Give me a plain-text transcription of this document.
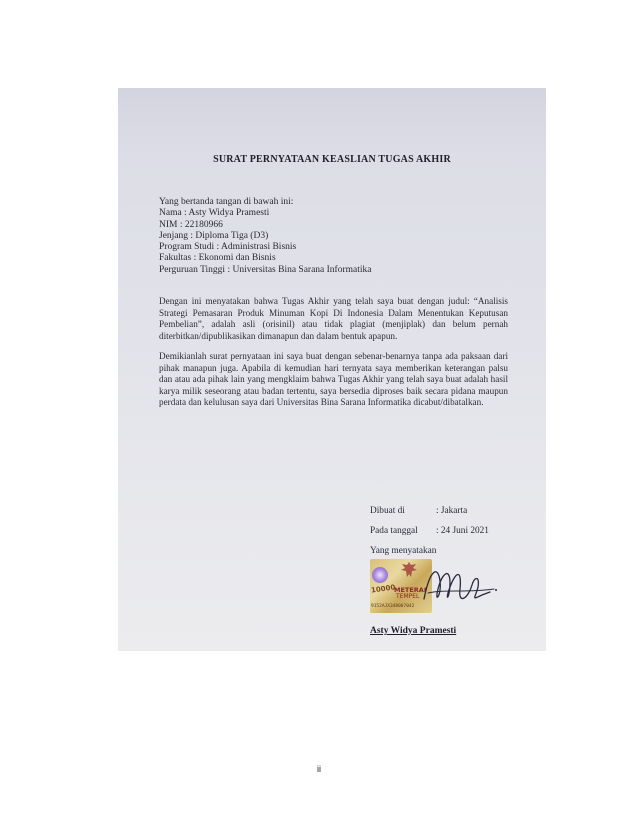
SURAT PERNYATAAN KEASLIAN TUGAS AKHIR
Yang bertanda tangan di bawah ini:
Nama : Asty Widya Pramesti
NIM : 22180966
Jenjang : Diploma Tiga (D3)
Program Studi : Administrasi Bisnis
Fakultas : Ekonomi dan Bisnis
Perguruan Tinggi : Universitas Bina Sarana Informatika
Dengan ini menyatakan bahwa Tugas Akhir yang telah saya buat dengan judul: “Analisis Strategi Pemasaran Produk Minuman Kopi Di Indonesia Dalam Menentukan Keputusan Pembelian”, adalah asli (orisinil) atau tidak plagiat (menjiplak) dan belum pernah diterbitkan/dipublikasikan dimanapun dan dalam bentuk apapun.
Demikianlah surat pernyataan ini saya buat dengan sebenar-benarnya tanpa ada paksaan dari pihak manapun juga. Apabila di kemudian hari ternyata saya memberikan keterangan palsu dan atau ada pihak lain yang mengklaim bahwa Tugas Akhir yang telah saya buat adalah hasil karya milik seseorang atau badan tertentu, saya bersedia diproses baik secara pidana maupun perdata dan kelulusan saya dari Universitas Bina Sarana Informatika dicabut/dibatalkan.
Dibuat di	: Jakarta
Pada tanggal : 24 Juni 2021
Yang menyatakan
10000
METERAI
TEMPEL
9152AJX348007042
Asty Widya Pramesti
ii
